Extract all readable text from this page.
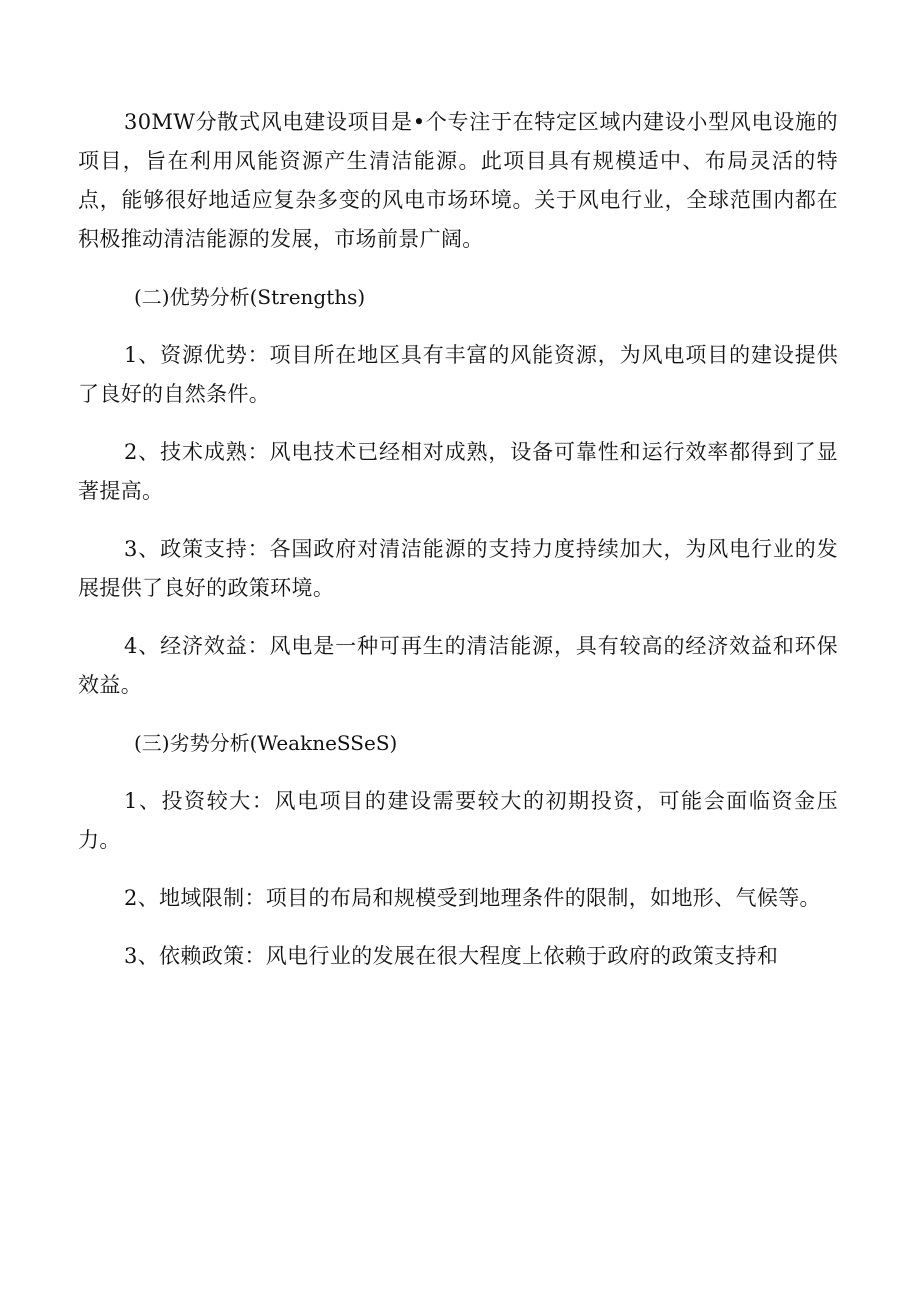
30MW分散式风电建设项目是•个专注于在特定区域内建设小型风电设施的项目，旨在利用风能资源产生清洁能源。此项目具有规模适中、布局灵活的特点，能够很好地适应复杂多变的风电市场环境。关于风电行业，全球范围内都在积极推动清洁能源的发展，市场前景广阔。

(二)优势分析(Strengths)

1、资源优势：项目所在地区具有丰富的风能资源，为风电项目的建设提供了良好的自然条件。

2、技术成熟：风电技术已经相对成熟，设备可靠性和运行效率都得到了显著提高。

3、政策支持：各国政府对清洁能源的支持力度持续加大，为风电行业的发展提供了良好的政策环境。

4、经济效益：风电是一种可再生的清洁能源，具有较高的经济效益和环保效益。

(三)劣势分析(WeakneSSeS)

1、投资较大：风电项目的建设需要较大的初期投资，可能会面临资金压力。

2、地域限制：项目的布局和规模受到地理条件的限制，如地形、气候等。

3、依赖政策：风电行业的发展在很大程度上依赖于政府的政策支持和
